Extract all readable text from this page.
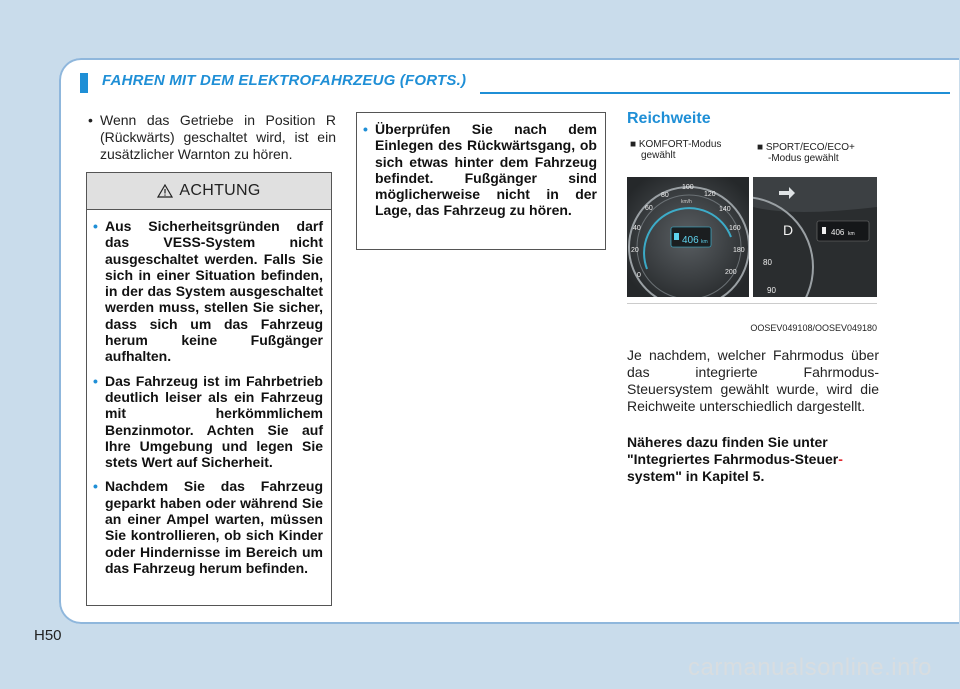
FAHREN MIT DEM ELEKTROFAHRZEUG (FORTS.)

• Wenn das Getriebe in Position R (Rückwärts) geschaltet wird, ist ein zusätzlicher Warnton zu hören.

ACHTUNG
• Aus Sicherheitsgründen darf das VESS-System nicht ausgeschaltet werden. Falls Sie sich in einer Situation befinden, in der das System ausgeschaltet werden muss, stellen Sie sicher, dass sich um das Fahrzeug herum keine Fußgänger aufhalten.
• Das Fahrzeug ist im Fahrbetrieb deutlich leiser als ein Fahrzeug mit herkömmlichem Benzinmotor. Achten Sie auf Ihre Umgebung und legen Sie stets Wert auf Sicherheit.
• Nachdem Sie das Fahrzeug geparkt haben oder während Sie an einer Ampel warten, müssen Sie kontrollieren, ob sich Kinder oder Hindernisse im Bereich um das Fahrzeug herum befinden.
• Überprüfen Sie nach dem Einlegen des Rückwärtsgang, ob sich etwas hinter dem Fahrzeug befindet. Fußgänger sind möglicherweise nicht in der Lage, das Fahrzeug zu hören.

Reichweite

■ KOMFORT-Modus
gewählt
■ SPORT/ECO/ECO+
-Modus gewählt
406 km
km/h
0
20
40
60
80
100
120
140
160
180
200
D	406 km
80
90
OOSEV049108/OOSEV049180
Je nachdem, welcher Fahrmodus über das integrierte Fahrmodus-Steuersystem gewählt wurde, wird die Reichweite unterschiedlich dargestellt.
Näheres dazu finden Sie unter "Integriertes Fahrmodus-Steuer-
system" in Kapitel 5.
H50
carmanualsonline.info
